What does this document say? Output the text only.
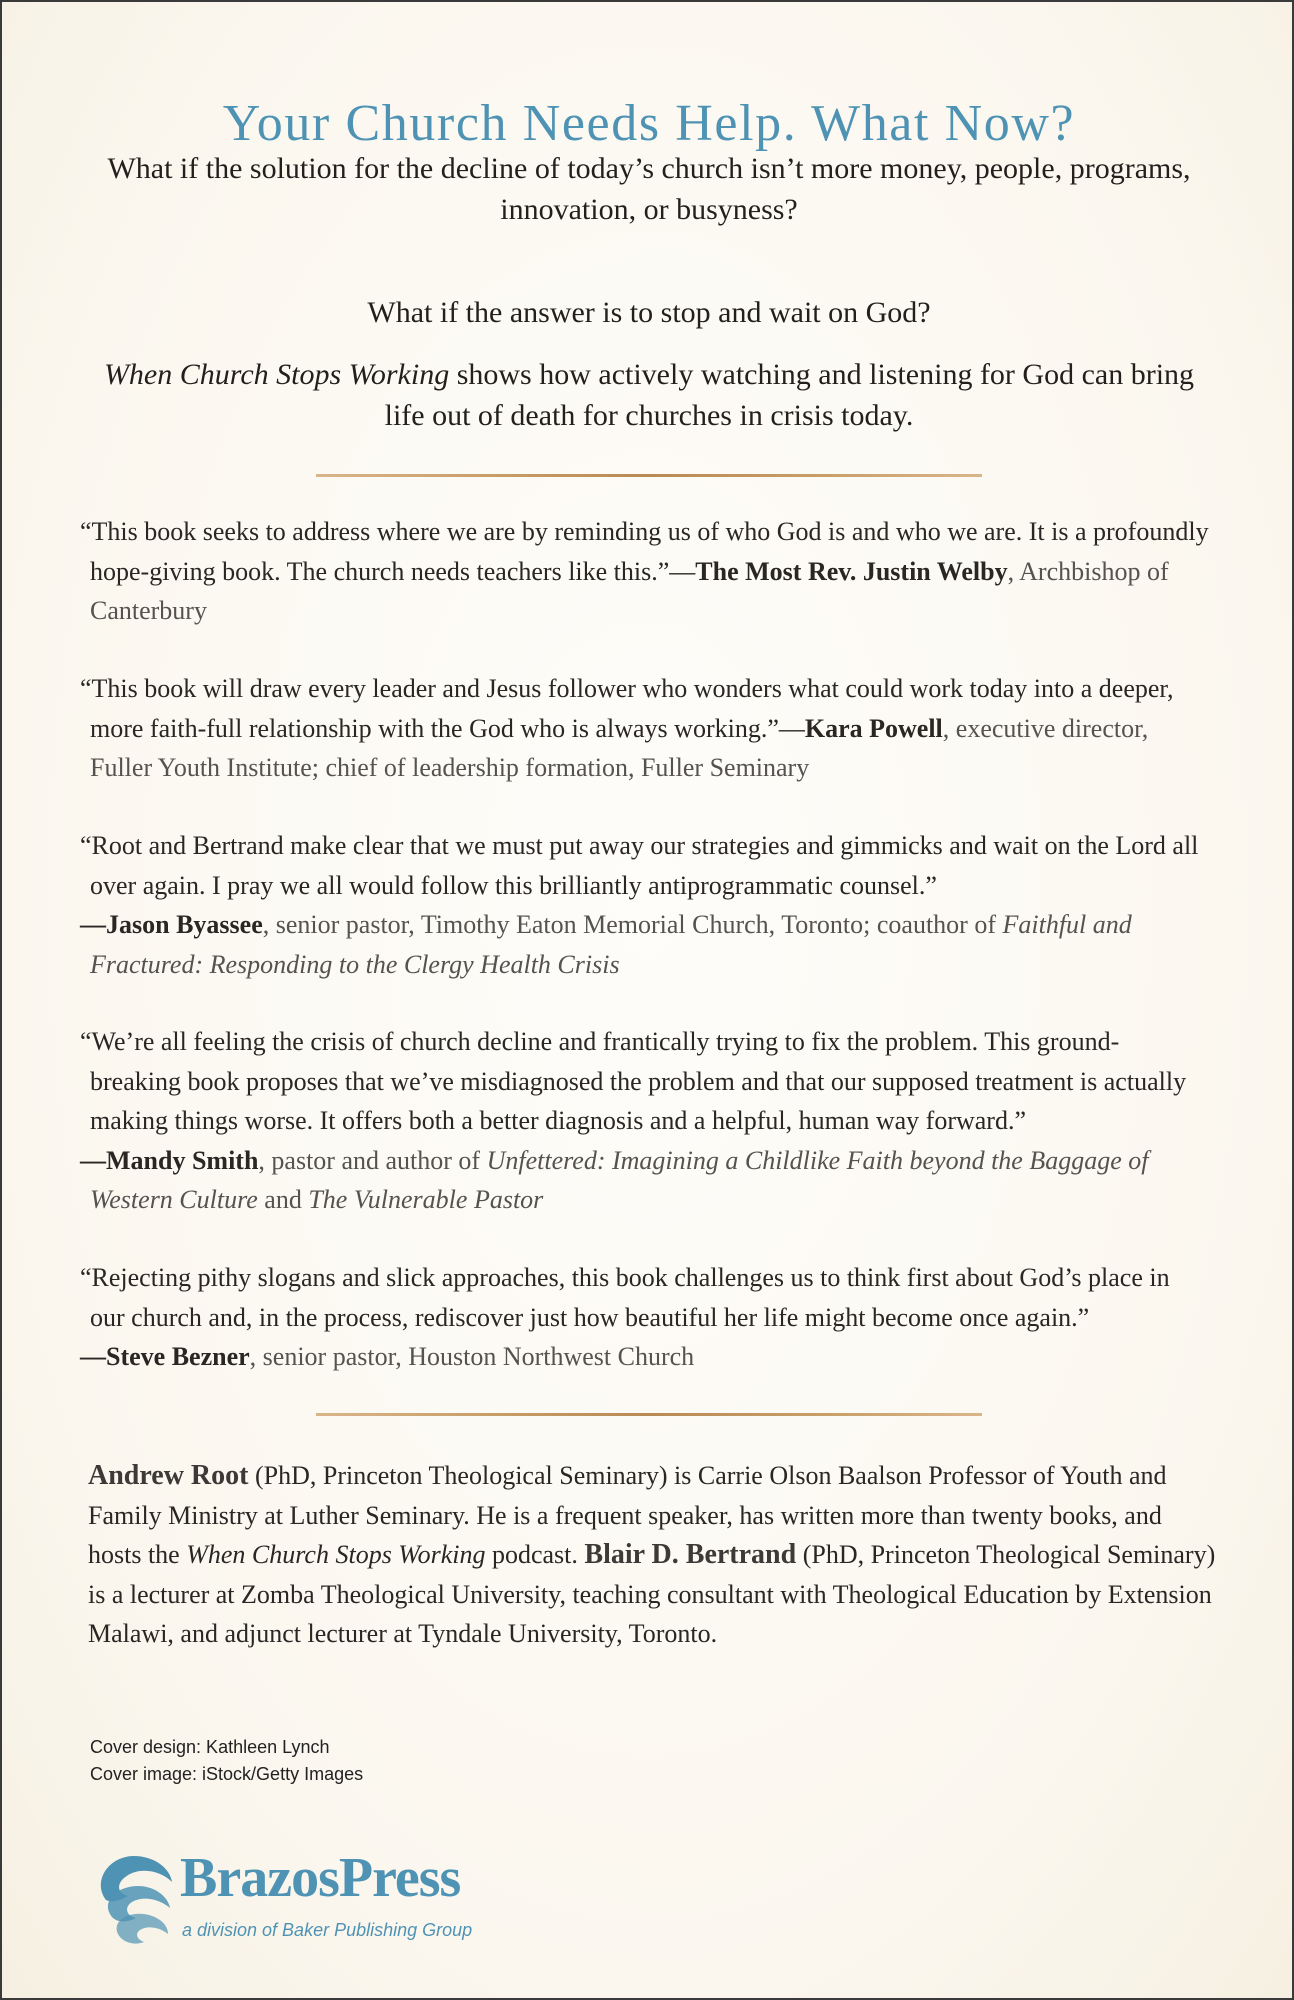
Your Church Needs Help. What Now?

What if the solution for the decline of today’s church isn’t more money, people, programs, innovation, or busyness?

What if the answer is to stop and wait on God?

When Church Stops Working shows how actively watching and listening for God can bring life out of death for churches in crisis today.

“This book seeks to address where we are by reminding us of who God is and who we are. It is a profoundly hope-giving book. The church needs teachers like this.”—The Most Rev. Justin Welby, Archbishop of Canterbury
“This book will draw every leader and Jesus follower who wonders what could work today into a deeper, more faith-full relationship with the God who is always working.”—Kara Powell, executive director, Fuller Youth Institute; chief of leadership formation, Fuller Seminary
“Root and Bertrand make clear that we must put away our strategies and gimmicks and wait on the Lord all over again. I pray we all would follow this brilliantly antiprogrammatic counsel.”
—Jason Byassee, senior pastor, Timothy Eaton Memorial Church, Toronto; coauthor of Faithful and Fractured: Responding to the Clergy Health Crisis
“We’re all feeling the crisis of church decline and frantically trying to fix the problem. This ground-breaking book proposes that we’ve misdiagnosed the problem and that our supposed treatment is actually making things worse. It offers both a better diagnosis and a helpful, human way forward.”
—Mandy Smith, pastor and author of Unfettered: Imagining a Childlike Faith beyond the Baggage of Western Culture and The Vulnerable Pastor
“Rejecting pithy slogans and slick approaches, this book challenges us to think first about God’s place in our church and, in the process, rediscover just how beautiful her life might become once again.”
—Steve Bezner, senior pastor, Houston Northwest Church

Andrew Root (PhD, Princeton Theological Seminary) is Carrie Olson Baalson Professor of Youth and Family Ministry at Luther Seminary. He is a frequent speaker, has written more than twenty books, and hosts the When Church Stops Working podcast. Blair D. Bertrand (PhD, Princeton Theological Seminary) is a lecturer at Zomba Theological University, teaching consultant with Theological Education by Extension Malawi, and adjunct lecturer at Tyndale University, Toronto.

Cover design: Kathleen Lynch
Cover image: iStock/Getty Images
BrazosPress
a division of Baker Publishing Group
